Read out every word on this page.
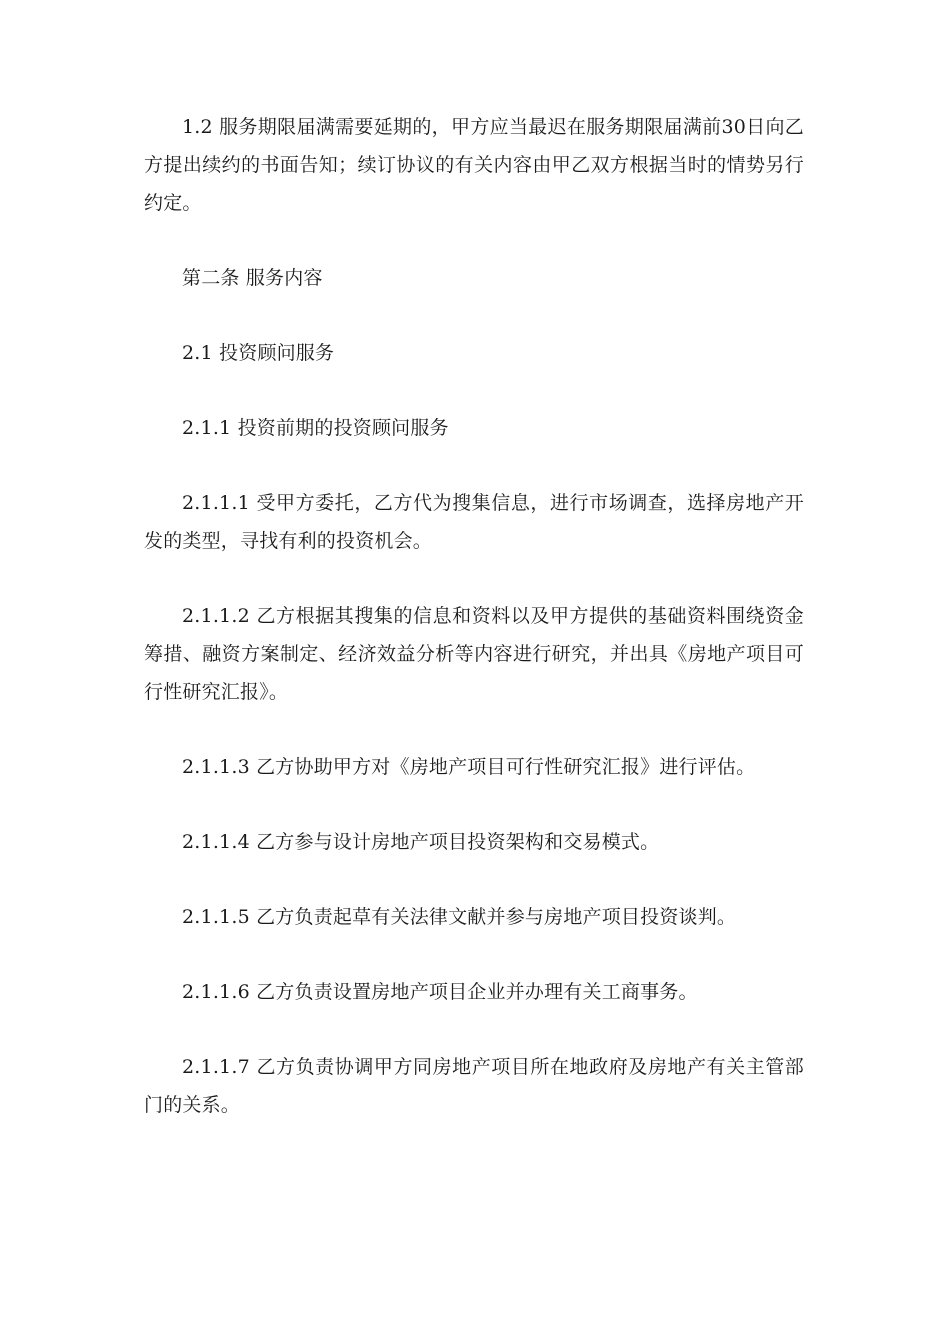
1.2 服务期限届满需要延期的，甲方应当最迟在服务期限届满前30日向乙方提出续约的书面告知；续订协议的有关内容由甲乙双方根据当时的情势另行约定。

第二条 服务内容

2.1 投资顾问服务

2.1.1 投资前期的投资顾问服务

2.1.1.1 受甲方委托，乙方代为搜集信息，进行市场调查，选择房地产开发的类型，寻找有利的投资机会。

2.1.1.2 乙方根据其搜集的信息和资料以及甲方提供的基础资料围绕资金筹措、融资方案制定、经济效益分析等内容进行研究，并出具《房地产项目可行性研究汇报》。

2.1.1.3 乙方协助甲方对《房地产项目可行性研究汇报》进行评估。

2.1.1.4 乙方参与设计房地产项目投资架构和交易模式。

2.1.1.5 乙方负责起草有关法律文献并参与房地产项目投资谈判。

2.1.1.6 乙方负责设置房地产项目企业并办理有关工商事务。

2.1.1.7 乙方负责协调甲方同房地产项目所在地政府及房地产有关主管部门的关系。
